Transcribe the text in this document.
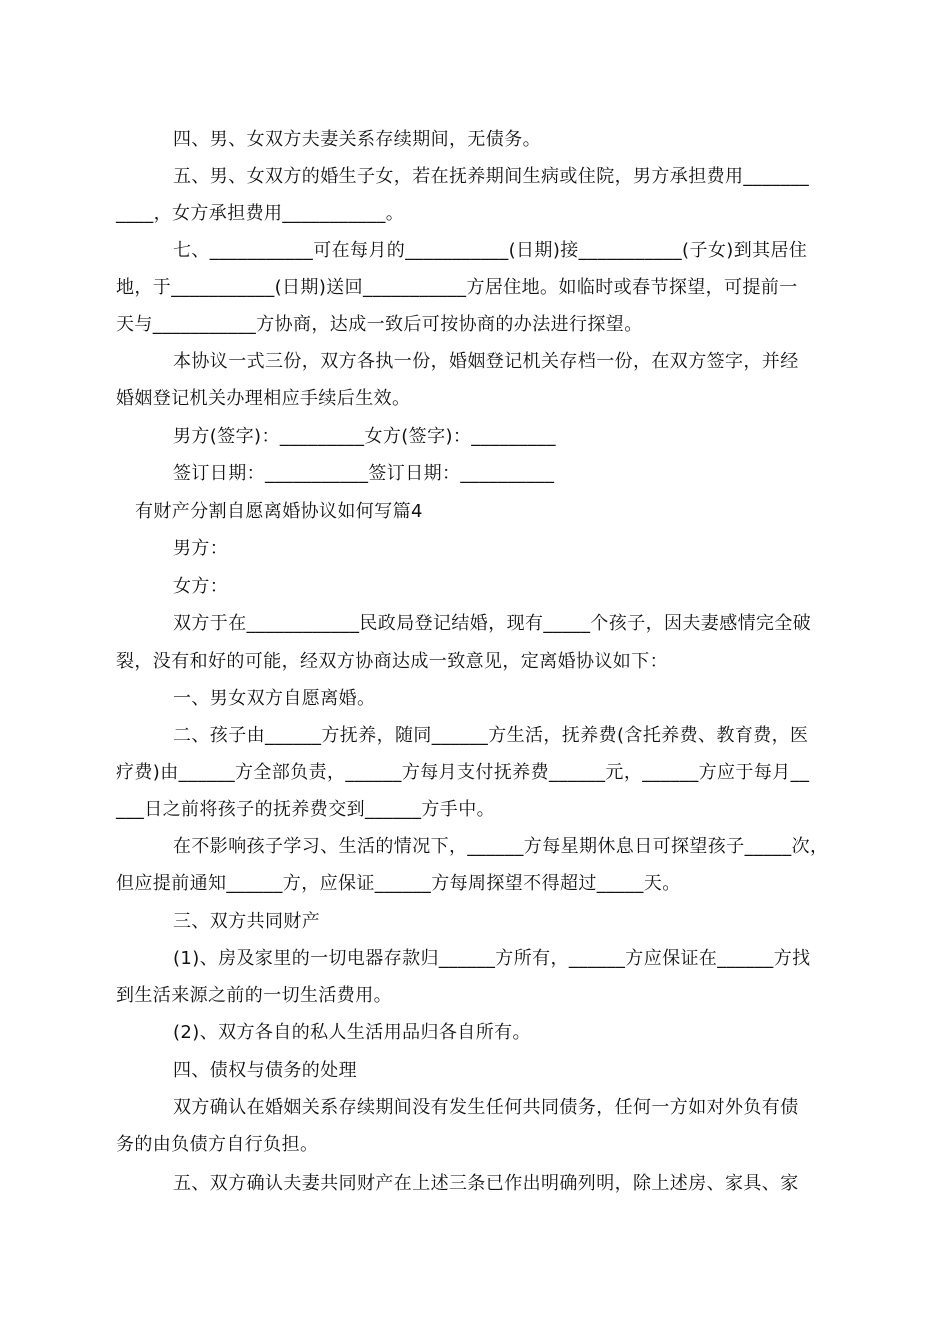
四、男、女双方夫妻关系存续期间，无债务。
五、男、女双方的婚生子女，若在抚养期间生病或住院，男方承担费用_______
____，女方承担费用___________。
七、___________可在每月的___________(日期)接___________(子女)到其居住
地，于___________(日期)送回___________方居住地。如临时或春节探望，可提前一
天与___________方协商，达成一致后可按协商的办法进行探望。
本协议一式三份，双方各执一份，婚姻登记机关存档一份，在双方签字，并经
婚姻登记机关办理相应手续后生效。
男方(签字)：_________女方(签字)：_________
签订日期：___________签订日期：__________
有财产分割自愿离婚协议如何写篇4
男方：
女方：
双方于在____________民政局登记结婚，现有_____个孩子，因夫妻感情完全破
裂，没有和好的可能，经双方协商达成一致意见，定离婚协议如下：
一、男女双方自愿离婚。
二、孩子由______方抚养，随同______方生活，抚养费(含托养费、教育费，医
疗费)由______方全部负责，______方每月支付抚养费______元，______方应于每月__
___日之前将孩子的抚养费交到______方手中。
在不影响孩子学习、生活的情况下，______方每星期休息日可探望孩子_____次，
但应提前通知______方，应保证______方每周探望不得超过_____天。
三、双方共同财产
(1)、房及家里的一切电器存款归______方所有，______方应保证在______方找
到生活来源之前的一切生活费用。
(2)、双方各自的私人生活用品归各自所有。
四、债权与债务的处理
双方确认在婚姻关系存续期间没有发生任何共同债务，任何一方如对外负有债
务的由负债方自行负担。
五、双方确认夫妻共同财产在上述三条已作出明确列明，除上述房、家具、家
